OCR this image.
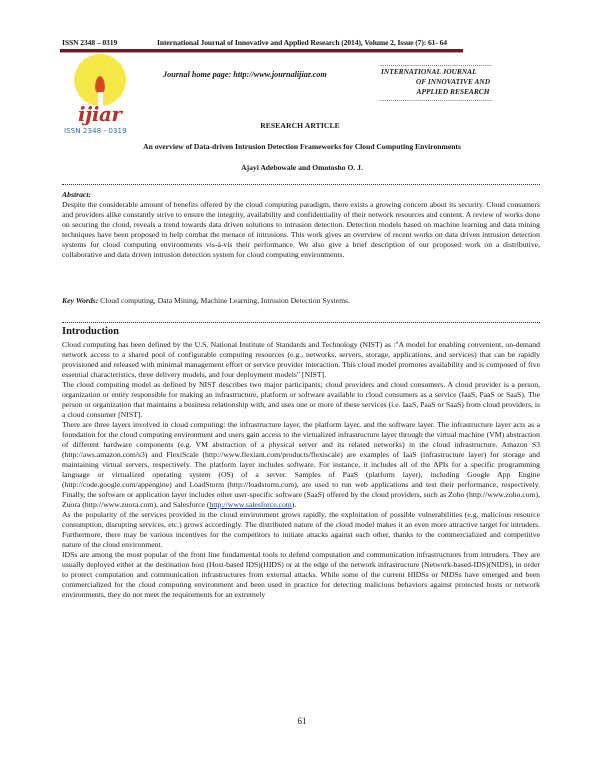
ISSN 2348 – 0319	International Journal of Innovative and Applied Research (2014), Volume 2, Issue (7): 61- 64
ijiar
ISSN 2348 - 0319
Journal home page: http://www.journalijiar.com
..........................................................
INTERNATIONAL JOURNAL
OF INNOVATIVE AND
APPLIED RESEARCH
..........................................................
RESEARCH ARTICLE
An overview of Data-driven Intrusion Detection Frameworks for Cloud Computing Environments
Ajayi Adebowale and Omotosho O. J.
Abstract:
Despite the considerable amount of benefits offered by the cloud computing paradigm, there exists a growing concern about its security. Cloud consumers and providers alike constantly strive to ensure the integrity, availability and confidentiality of their network resources and content. A review of works done on securing the cloud, reveals a trend towards data driven solutions to intrusion detection. Detection models based on machine learning and data mining techniques have been proposed to help combat the menace of intrusions. This work gives an overview of recent works on data driven intrusion detection systems for cloud computing environments vis-à-vis their performance. We also give a brief description of our proposed work on a distributive, collaborative and data driven intrusion detection system for cloud computing environments.
Key Words: Cloud computing, Data Mining, Machine Learning, Intrusion Detection Systems.
Introduction
Cloud computing has been defined by the U.S. National Institute of Standards and Technology (NIST) as :"A model for enabling convenient, on-demand network access to a shared pool of configurable computing resources (e.g., networks, servers, storage, applications, and services) that can be rapidly provisioned and released with minimal management effort or service provider interaction. This cloud model promotes availability and is composed of five essential characteristics, three delivery models, and four deployment models" [NIST].
The cloud computing model as defined by NIST describes two major participants; cloud providers and cloud consumers. A cloud provider is a person, organization or entity responsible for making an infrastructure, platform or software available to cloud consumers as a service (IaaS, PaaS or SaaS). The person or organization that maintains a business relationship with, and uses one or more of these services (i.e. IaaS, PaaS or SaaS) from cloud providers, is a cloud consumer [NIST].
There are three layers involved in cloud computing: the infrastructure layer, the platform layer, and the software layer. The infrastructure layer acts as a foundation for the cloud computing environment and users gain access to the virtualized infrastructure layer through the virtual machine (VM) abstraction of different hardware components (e.g. VM abstraction of a physical server and its related networks) in the cloud infrastructure. Amazon S3 (http://aws.amazon.com/s3) and FlexiScale (http://www.flexiant.com/products/flexiscale) are examples of IaaS (infrastructure layer) for storage and maintaining virtual servers, respectively. The platform layer includes software. For instance, it includes all of the APIs for a specific programming language or virtualized operating system (OS) of a server. Samples of PaaS (platform layer), including Google App Engine (http://code.google.com/appengine) and LoadStorm (http://loadstorm.com), are used to run web applications and test their performance, respectively. Finally, the software or application layer includes other user-specific software (SaaS) offered by the cloud providers, such as Zoho (http://www.zoho.com), Zuora (http://www.zuora.com), and Salesforce (http://www.salesforce.com).
As the popularity of the services provided in the cloud environment grows rapidly, the exploitation of possible vulnerabilities (e.g. malicious resource consumption, disrupting services, etc.) grows accordingly. The distributed nature of the cloud model makes it an even more attractive target for intruders. Furthermore, there may be various incentives for the competitors to initiate attacks against each other, thanks to the commercialized and competitive nature of the cloud environment.
IDSs are among the most popular of the front line fundamental tools to defend computation and communication infrastructures from intruders. They are usually deployed either at the destination host (Host-based IDS)(HIDS) or at the edge of the network infrastructure (Network-based-IDS)(NIDS), in order to protect computation and communication infrastructures from external attacks. While some of the current HIDSs or NIDSs have emerged and been commercialized for the cloud computing environment and been used in practice for detecting malicious behaviors against protected hosts or network environments, they do not meet the requirements for an extremely
61
